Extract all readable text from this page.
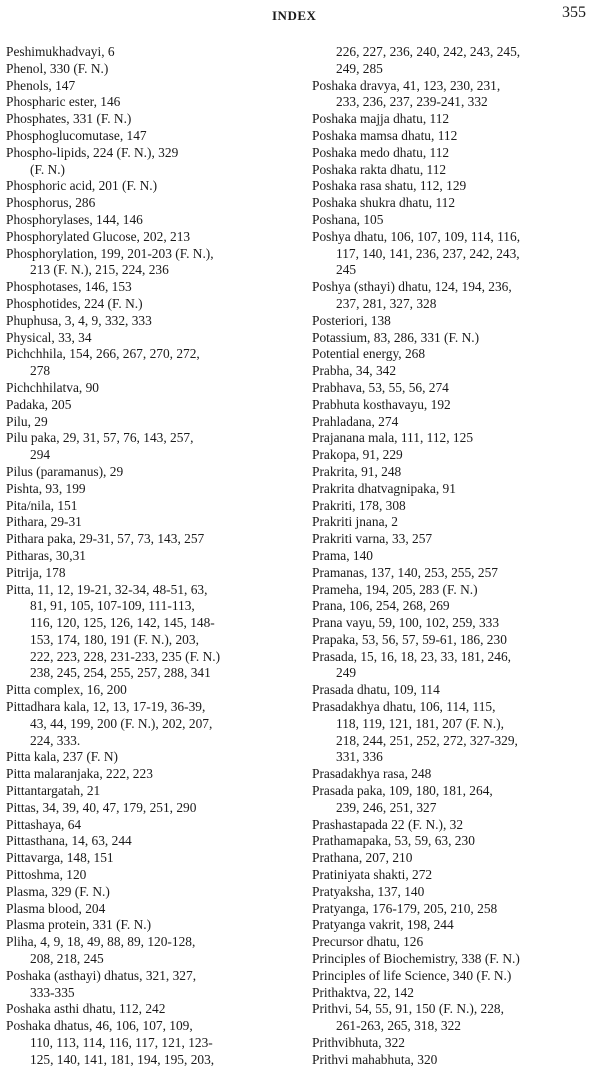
INDEX	355

Peshimukhadvayi, 6

Phenol, 330 (F. N.)

Phenols, 147

Phospharic ester, 146

Phosphates, 331 (F. N.)

Phosphoglucomutase, 147

Phospho-lipids, 224 (F. N.), 329

(F. N.)

Phosphoric acid, 201 (F. N.)

Phosphorus, 286

Phosphorylases, 144, 146

Phosphorylated Glucose, 202, 213

Phosphorylation, 199, 201-203 (F. N.),

213 (F. N.), 215, 224, 236

Phosphotases, 146, 153

Phosphotides, 224 (F. N.)

Phuphusa, 3, 4, 9, 332, 333

Physical, 33, 34

Pichchhila, 154, 266, 267, 270, 272,

278

Pichchhilatva, 90

Padaka, 205

Pilu, 29

Pilu paka, 29, 31, 57, 76, 143, 257,

294

Pilus (paramanus), 29

Pishta, 93, 199

Pita/nila, 151

Pithara, 29-31

Pithara paka, 29-31, 57, 73, 143, 257

Pitharas, 30,31

Pitrija, 178

Pitta, 11, 12, 19-21, 32-34, 48-51, 63,

81, 91, 105, 107-109, 111-113,

116, 120, 125, 126, 142, 145, 148-

153, 174, 180, 191 (F. N.), 203,

222, 223, 228, 231-233, 235 (F. N.)

238, 245, 254, 255, 257, 288, 341

Pitta complex, 16, 200

Pittadhara kala, 12, 13, 17-19, 36-39,

43, 44, 199, 200 (F. N.), 202, 207,

224, 333.

Pitta kala, 237 (F. N)

Pitta malaranjaka, 222, 223

Pittantargatah, 21

Pittas, 34, 39, 40, 47, 179, 251, 290

Pittashaya, 64

Pittasthana, 14, 63, 244

Pittavarga, 148, 151

Pittoshma, 120

Plasma, 329 (F. N.)

Plasma blood, 204

Plasma protein, 331 (F. N.)

Pliha, 4, 9, 18, 49, 88, 89, 120-128,

208, 218, 245

Poshaka (asthayi) dhatus, 321, 327,

333-335

Poshaka asthi dhatu, 112, 242

Poshaka dhatus, 46, 106, 107, 109,

110, 113, 114, 116, 117, 121, 123-

125, 140, 141, 181, 194, 195, 203,

226, 227, 236, 240, 242, 243, 245,

249, 285

Poshaka dravya, 41, 123, 230, 231,

233, 236, 237, 239-241, 332

Poshaka majja dhatu, 112

Poshaka mamsa dhatu, 112

Poshaka medo dhatu, 112

Poshaka rakta dhatu, 112

Poshaka rasa shatu, 112, 129

Poshaka shukra dhatu, 112

Poshana, 105

Poshya dhatu, 106, 107, 109, 114, 116,

117, 140, 141, 236, 237, 242, 243,

245

Poshya (sthayi) dhatu, 124, 194, 236,

237, 281, 327, 328

Posteriori, 138

Potassium, 83, 286, 331 (F. N.)

Potential energy, 268

Prabha, 34, 342

Prabhava, 53, 55, 56, 274

Prabhuta kosthavayu, 192

Prahladana, 274

Prajanana mala, 111, 112, 125

Prakopa, 91, 229

Prakrita, 91, 248

Prakrita dhatvagnipaka, 91

Prakriti, 178, 308

Prakriti jnana, 2

Prakriti varna, 33, 257

Prama, 140

Pramanas, 137, 140, 253, 255, 257

Prameha, 194, 205, 283 (F. N.)

Prana, 106, 254, 268, 269

Prana vayu, 59, 100, 102, 259, 333

Prapaka, 53, 56, 57, 59-61, 186, 230

Prasada, 15, 16, 18, 23, 33, 181, 246,

249

Prasada dhatu, 109, 114

Prasadakhya dhatu, 106, 114, 115,

118, 119, 121, 181, 207 (F. N.),

218, 244, 251, 252, 272, 327-329,

331, 336

Prasadakhya rasa, 248

Prasada paka, 109, 180, 181, 264,

239, 246, 251, 327

Prashastapada 22 (F. N.), 32

Prathamapaka, 53, 59, 63, 230

Prathana, 207, 210

Pratiniyata shakti, 272

Pratyaksha, 137, 140

Pratyanga, 176-179, 205, 210, 258

Pratyanga vakrit, 198, 244

Precursor dhatu, 126

Principles of Biochemistry, 338 (F. N.)

Principles of life Science, 340 (F. N.)

Prithaktva, 22, 142

Prithvi, 54, 55, 91, 150 (F. N.), 228,

261-263, 265, 318, 322

Prithvibhuta, 322

Prithvi mahabhuta, 320
